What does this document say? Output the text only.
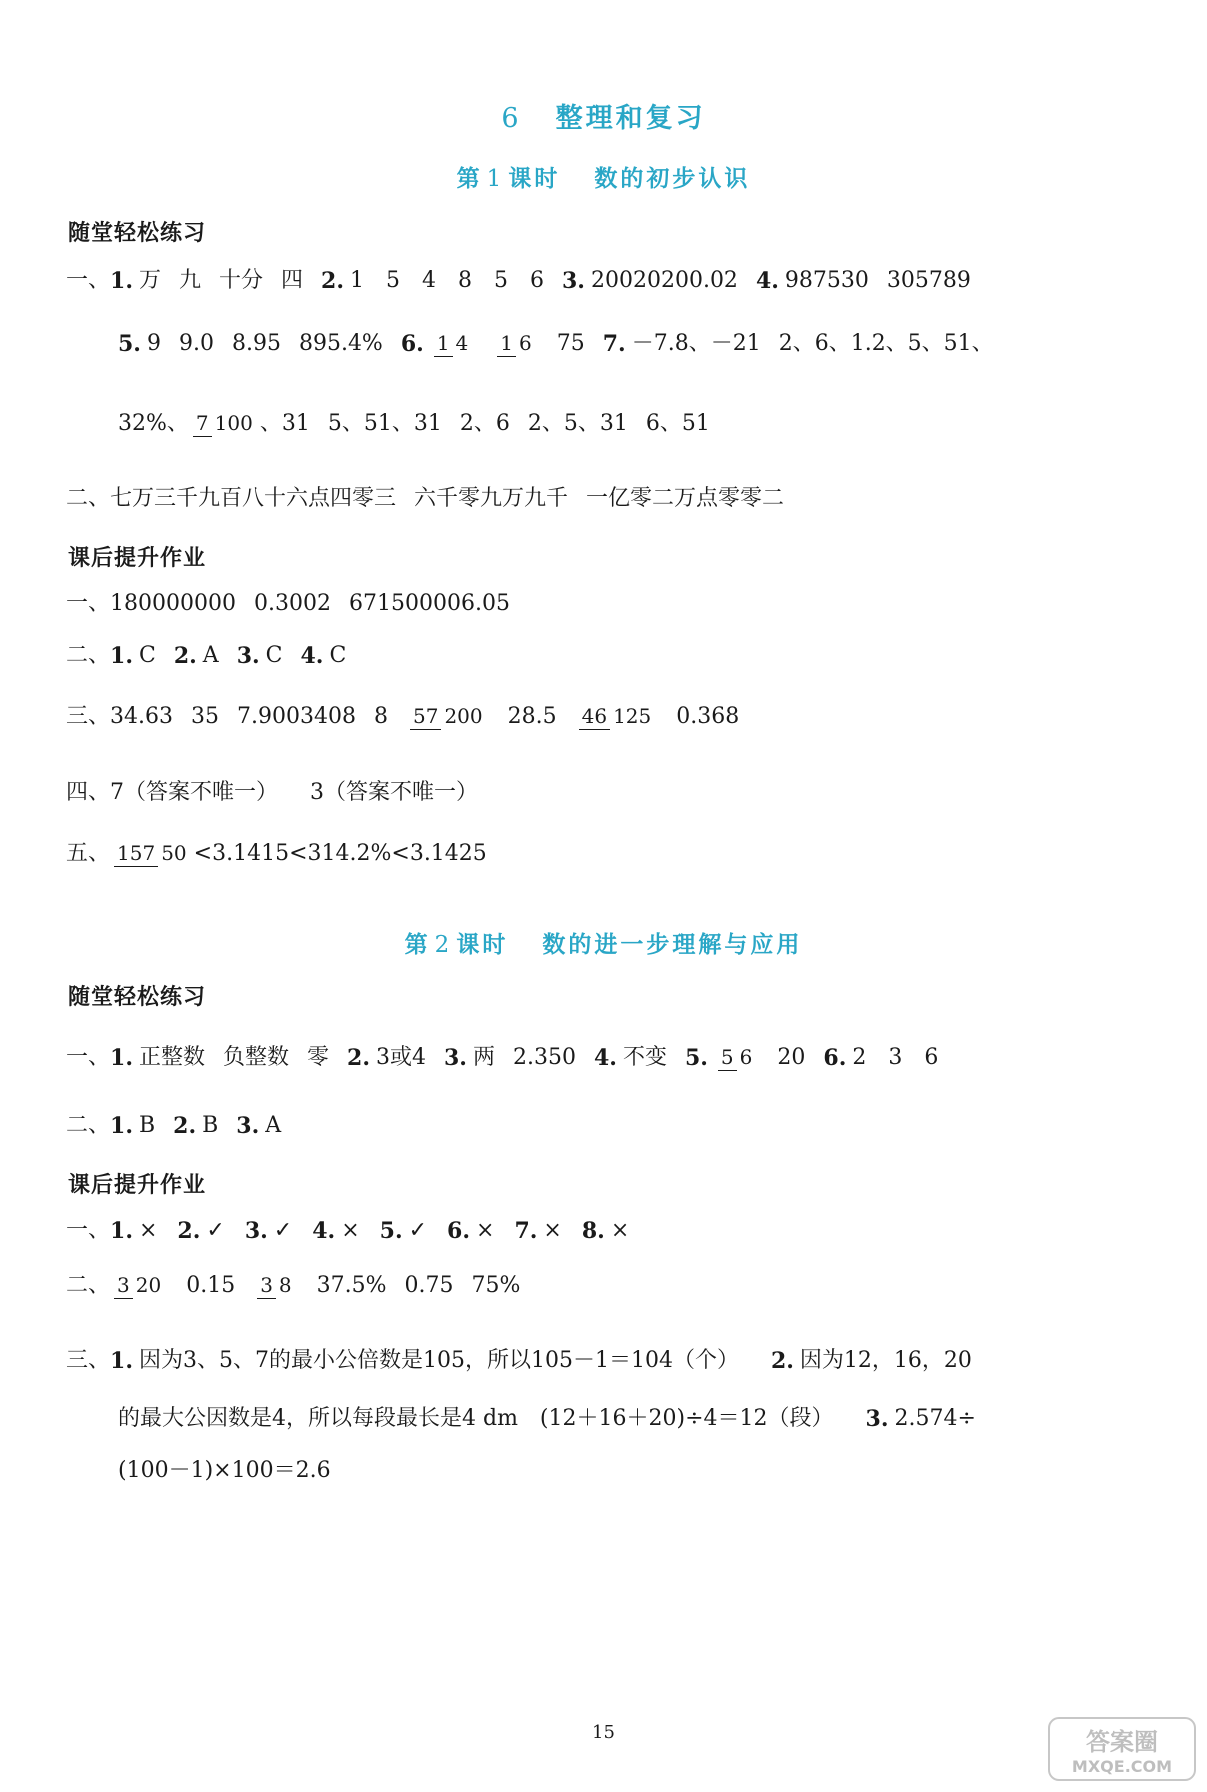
6 整理和复习
第 1 课时 数的初步认识
随堂轻松练习
一、 1. 万 九 十分 四 2. 1　5　4　8　5　6 3. 20020200.02 4. 987530 305789
5. 9 9.0 8.95 895.4% 6. 1 4 1 6 75 7. －7.8、－21 2、6、1.2、5、51、
32%、 7 100 、31 5、51、31 2、6 2、5、31 6、51
二、 七万三千九百八十六点四零三 六千零九万九千 一亿零二万点零零二
课后提升作业
一、 180000000 0.3002 671500006.05
二、 1. C 2. A 3. C 4. C
三、 34.63 35 7.9003408 8 57 200 28.5 46 125 0.368
四、 7（答案不唯一） 3（答案不唯一）
五、 157 50 <3.1415<314.2%<3.1425
第 2 课时 数的进一步理解与应用
随堂轻松练习
一、 1. 正整数 负整数 零 2. 3或4 3. 两 2.350 4. 不变 5. 5 6 20 6. 2　3　6
二、 1. B 2. B 3. A
课后提升作业
一、 1. × 2. ✓ 3. ✓ 4. × 5. ✓ 6. × 7. × 8. ×
二、 3 20 0.15 3 8 37.5% 0.75 75%
三、 1. 因为3、5、7的最小公倍数是105，所以105－1＝104（个） 2. 因为12，16，20
的最大公因数是4，所以每段最长是4 dm　(12＋16＋20)÷4＝12（段） 3. 2.574÷
(100－1)×100＝2.6
15	答案圈
MXQE.COM
